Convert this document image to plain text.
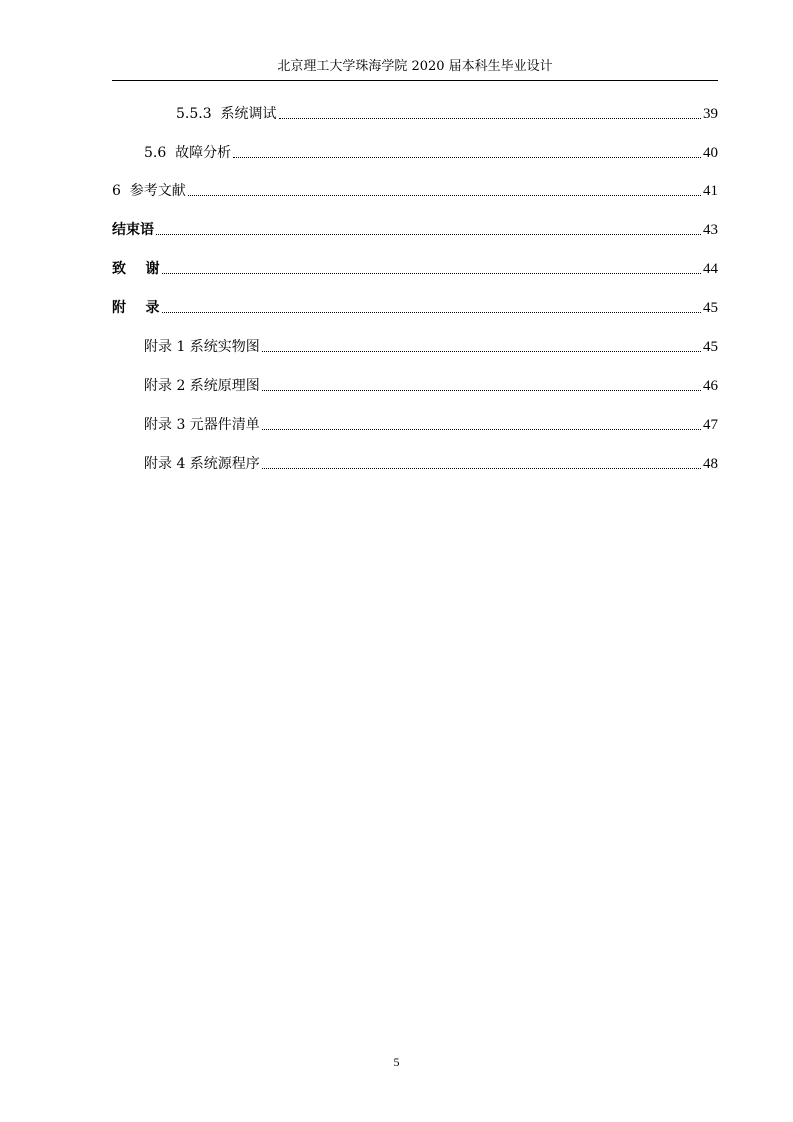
北京理工大学珠海学院 2020 届本科生毕业设计
5.5.3  系统调试	39
5.6  故障分析	40
6  参考文献	41
结束语	43
致    谢	44
附    录	45
附录 1 系统实物图	45
附录 2 系统原理图	46
附录 3 元器件清单	47
附录 4 系统源程序	48
5
